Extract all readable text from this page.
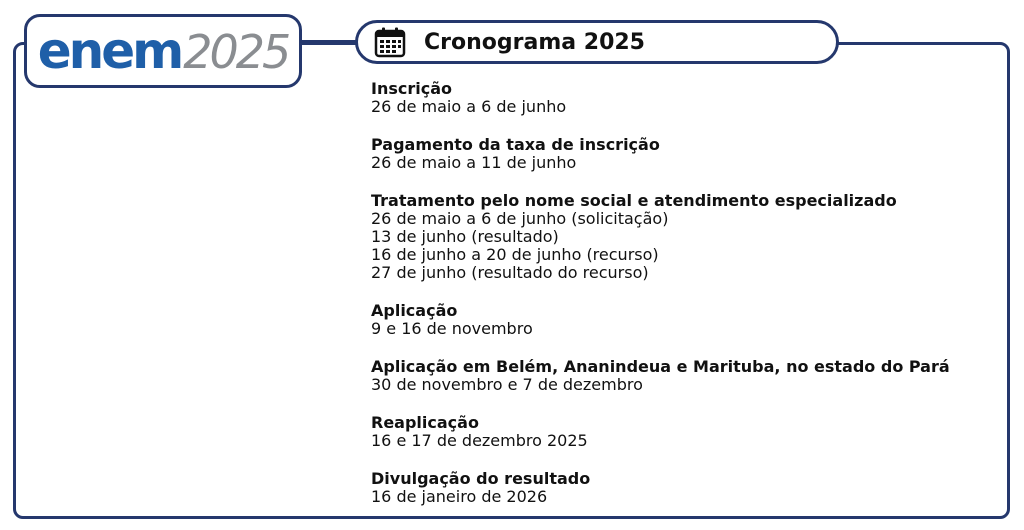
enem 2025	Cronograma 2025
Inscrição
26 de maio a 6 de junho
Pagamento da taxa de inscrição
26 de maio a 11 de junho
Tratamento pelo nome social e atendimento especializado
26 de maio a 6 de junho (solicitação)
13 de junho (resultado)
16 de junho a 20 de junho (recurso)
27 de junho (resultado do recurso)
Aplicação
9 e 16 de novembro
Aplicação em Belém, Ananindeua e Marituba, no estado do Pará
30 de novembro e 7 de dezembro
Reaplicação
16 e 17 de dezembro 2025
Divulgação do resultado
16 de janeiro de 2026
